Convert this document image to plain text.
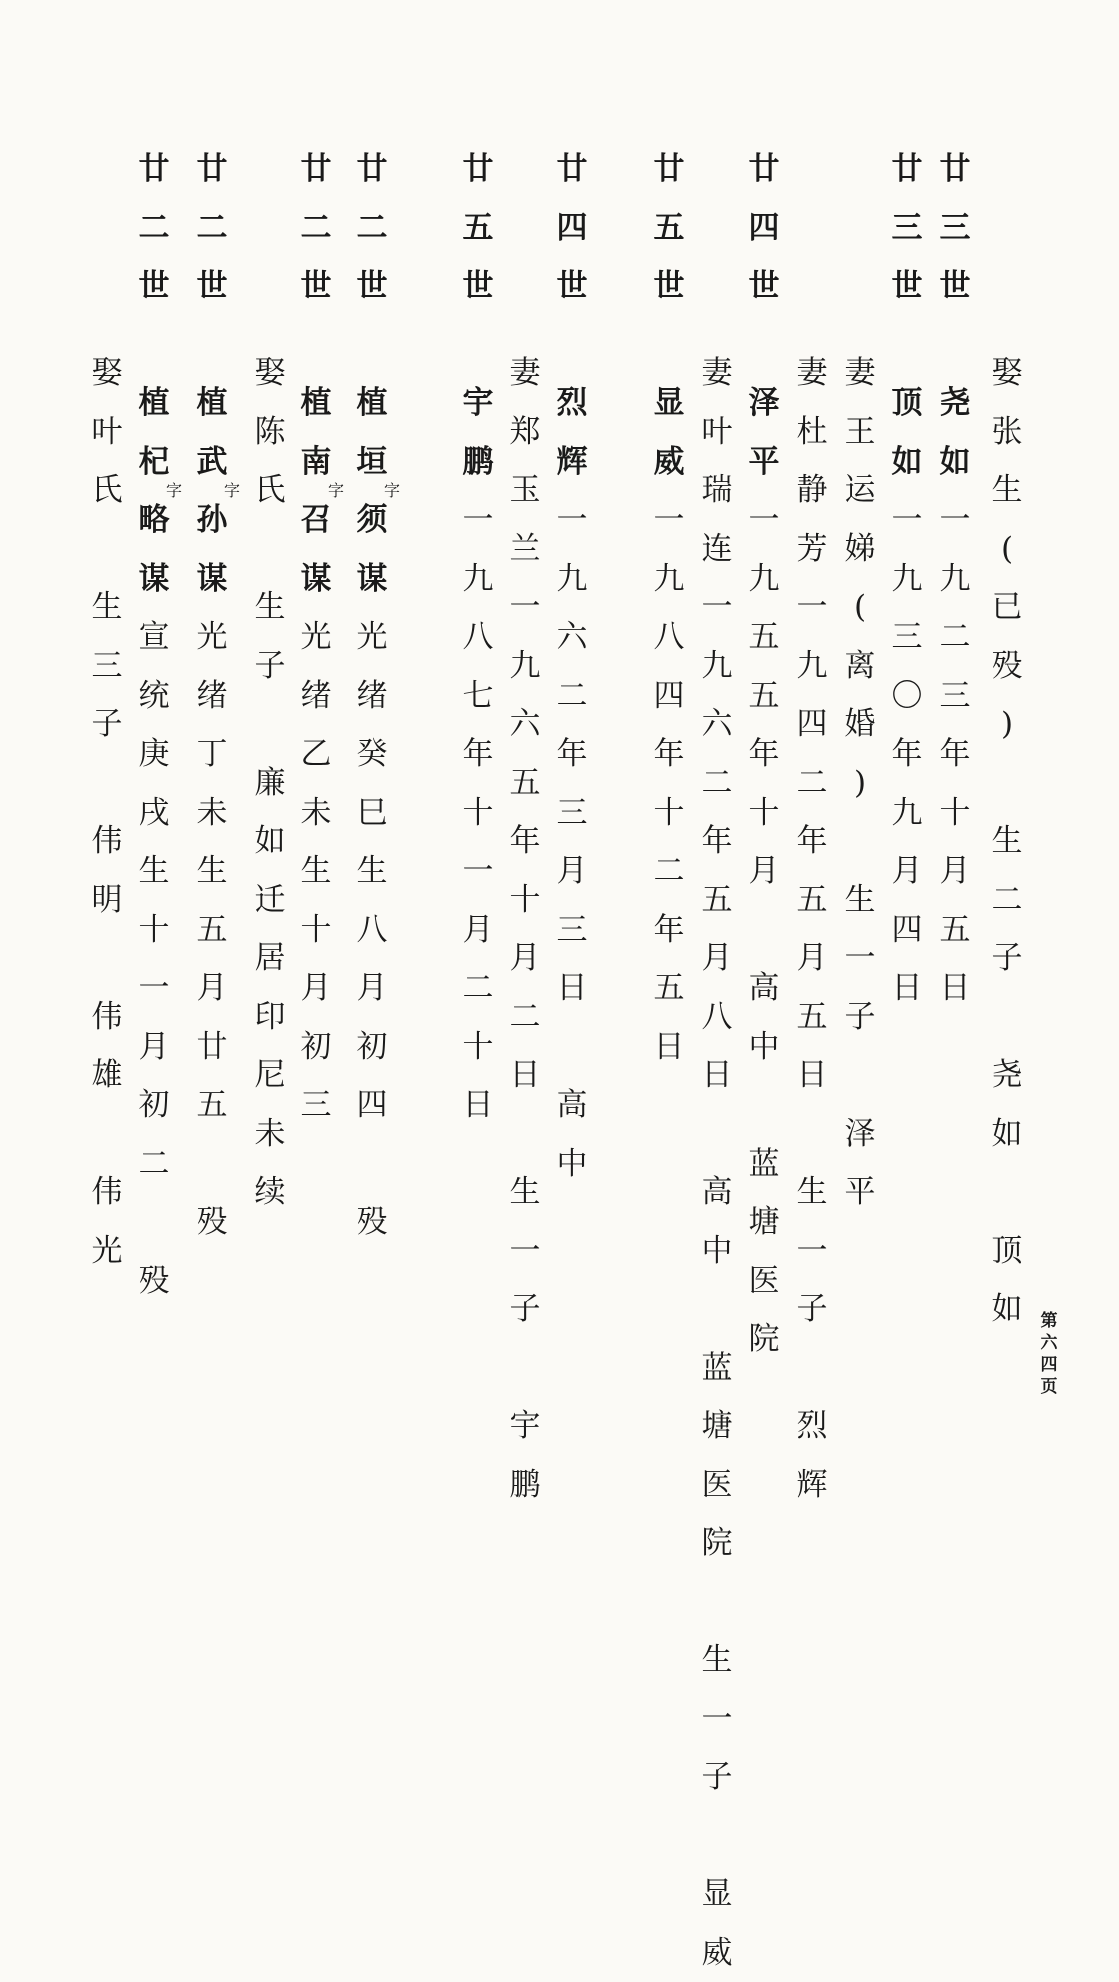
娶
张
生
(
已
殁
)

生
二
子

尧
如

顶
如
廿
三
世

尧
如
一
九
二
三
年
十
月
五
日
廿
三
世

顶
如
一
九
三
〇
年
九
月
四
日
妻
王
运
娣
(
离
婚
)

生
一
子

泽
平
妻
杜
静
芳
一
九
四
二
年
五
月
五
日

生
一
子

烈
辉
廿
四
世

泽
平
一
九
五
五
年
十
月

高
中

蓝
塘
医
院
妻
叶
瑞
连
一
九
六
二
年
五
月
八
日

高
中

蓝
塘
医
院

生
一
子

显
威
廿
五
世

显
威
一
九
八
四
年
十
二
年
五
日
廿
四
世

烈
辉
一
九
六
二
年
三
月
三
日

高
中
妻
郑
玉
兰
一
九
六
五
年
十
月
二
日

生
一
子

宇
鹏
廿
五
世

宇
鹏
一
九
八
七
年
十
一
月
二
十
日
字
廿
二
世

植
垣
须
谋
光
绪
癸
巳
生
八
月
初
四

殁
字
廿
二
世

植
南
召
谋
光
绪
乙
未
生
十
月
初
三
娶
陈
氏

生
子

廉
如
迁
居
印
尼
未
续
字
廿
二
世

植
武
孙
谋
光
绪
丁
未
生
五
月
廿
五

殁
字
廿
二
世

植
杞
略
谋
宣
统
庚
戌
生
十
一
月
初
二

殁
娶
叶
氏

生
三
子

伟
明

伟
雄

伟
光
第
六
四
页
